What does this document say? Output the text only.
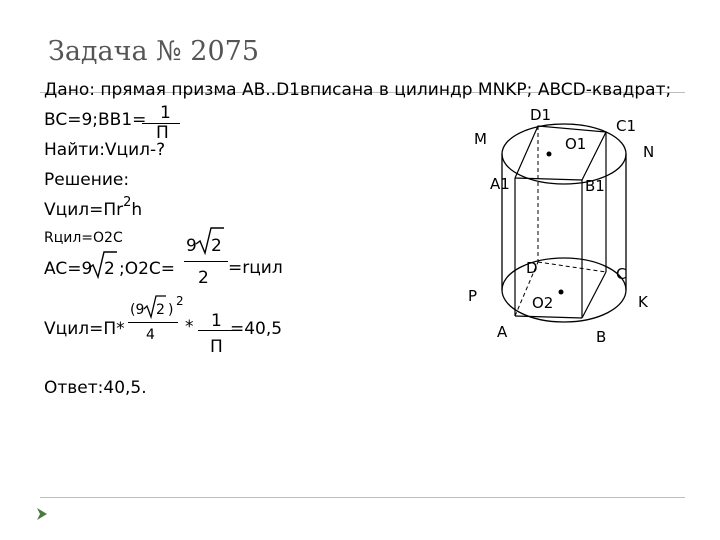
Задача № 2075
Дано: прямая призма АВ..D1вписана в цилиндр MNKP; ABCD-квадрат;
BC=9;BB1= 1
П
Найти:Vцил-?
Решение:
$Vцил=Пr^2h$
Rцил=O2C
AC=9 2 ;O2C=
9 2
2 =rцил
Vцил=П*
(9 2 )
2
4 * 1
П
=40,5
Ответ:40,5.
D1
C1
M	O1	N
A1	B1
D	C
P	O2	K
A	B
